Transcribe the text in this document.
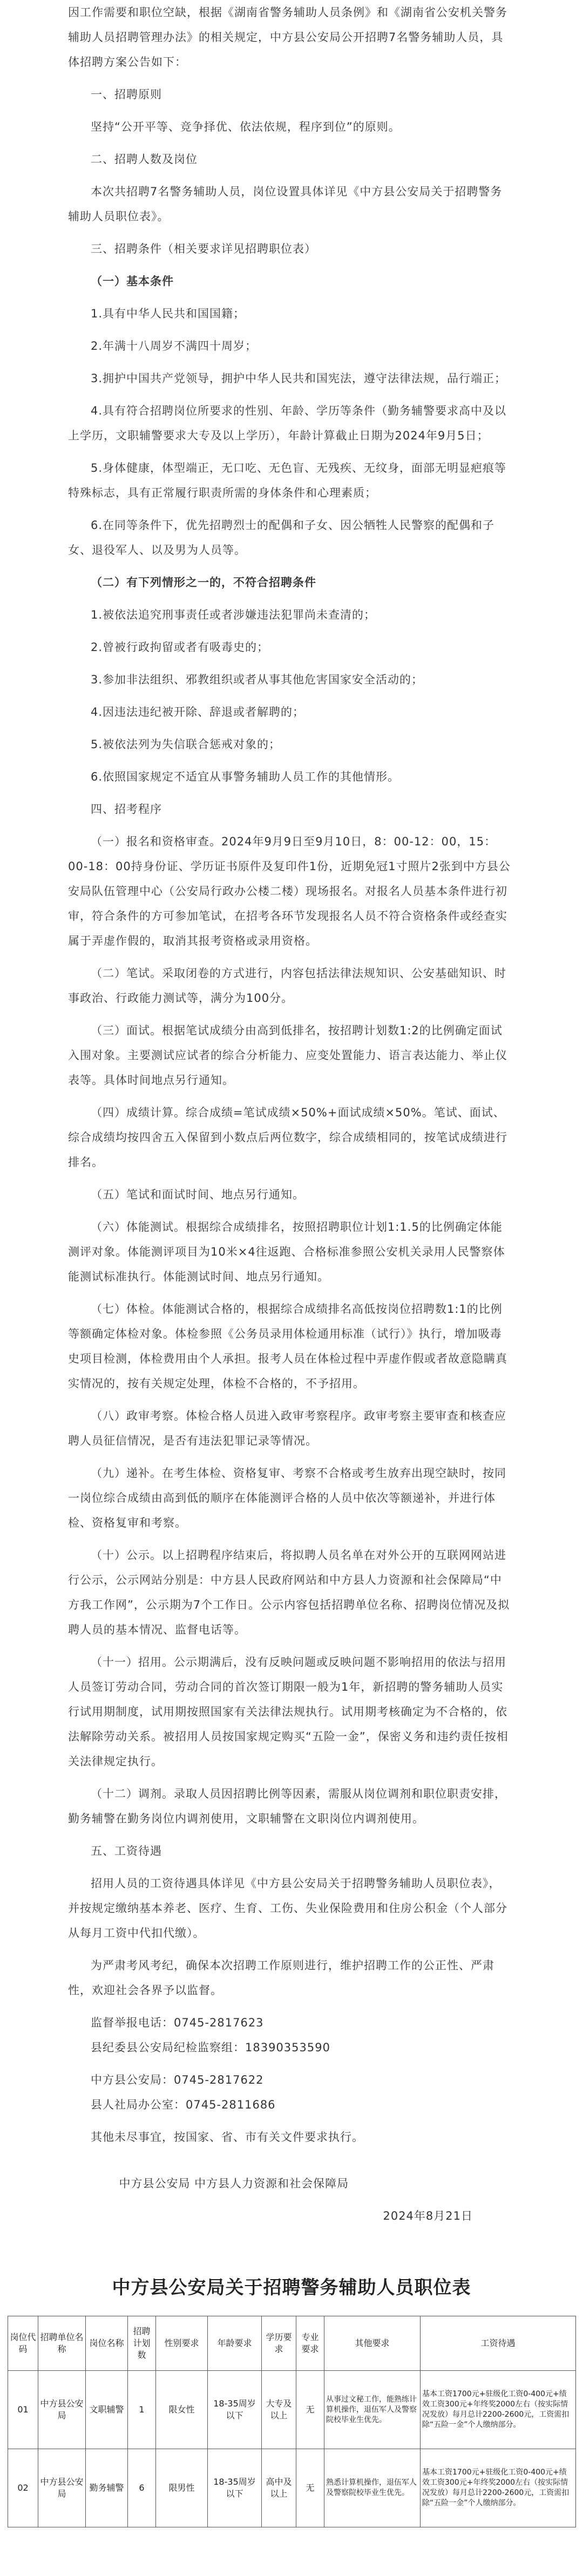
因工作需要和职位空缺，根据《湖南省警务辅助人员条例》和《湖南省公安机关警务辅助人员招聘管理办法》的相关规定，中方县公安局公开招聘7名警务辅助人员，具体招聘方案公告如下：

一、招聘原则

坚持“公开平等、竞争择优、依法依规，程序到位”的原则。

二、招聘人数及岗位

本次共招聘7名警务辅助人员，岗位设置具体详见《中方县公安局关于招聘警务辅助人员职位表》。

三、招聘条件（相关要求详见招聘职位表）

（一）基本条件

1.具有中华人民共和国国籍；

2.年满十八周岁不满四十周岁；

3.拥护中国共产党领导，拥护中华人民共和国宪法，遵守法律法规，品行端正；

4.具有符合招聘岗位所要求的性别、年龄、学历等条件（勤务辅警要求高中及以上学历，文职辅警要求大专及以上学历），年龄计算截止日期为2024年9月5日；

5.身体健康，体型端正，无口吃、无色盲、无残疾、无纹身，面部无明显疤痕等特殊标志，具有正常履行职责所需的身体条件和心理素质；

6.在同等条件下，优先招聘烈士的配偶和子女、因公牺牲人民警察的配偶和子女、退役军人、以及男为人员等。

（二）有下列情形之一的，不符合招聘条件

1.被依法追究刑事责任或者涉嫌违法犯罪尚未查清的；

2.曾被行政拘留或者有吸毒史的；

3.参加非法组织、邪教组织或者从事其他危害国家安全活动的；

4.因违法违纪被开除、辞退或者解聘的；

5.被依法列为失信联合惩戒对象的；

6.依照国家规定不适宜从事警务辅助人员工作的其他情形。

四、招考程序

（一）报名和资格审查。2024年9月9日至9月10日，8：00-12：00，15：00-18：00持身份证、学历证书原件及复印件1份，近期免冠1寸照片2张到中方县公安局队伍管理中心（公安局行政办公楼二楼）现场报名。对报名人员基本条件进行初审，符合条件的方可参加笔试，在招考各环节发现报名人员不符合资格条件或经查实属于弄虚作假的，取消其报考资格或录用资格。

（二）笔试。采取闭卷的方式进行，内容包括法律法规知识、公安基础知识、时事政治、行政能力测试等，满分为100分。

（三）面试。根据笔试成绩分由高到低排名，按招聘计划数1:2的比例确定面试入围对象。主要测试应试者的综合分析能力、应变处置能力、语言表达能力、举止仪表等。具体时间地点另行通知。

（四）成绩计算。综合成绩=笔试成绩×50%+面试成绩×50%。笔试、面试、综合成绩均按四舍五入保留到小数点后两位数字，综合成绩相同的，按笔试成绩进行排名。

（五）笔试和面试时间、地点另行通知。

（六）体能测试。根据综合成绩排名，按照招聘职位计划1:1.5的比例确定体能测评对象。体能测评项目为10米×4往返跑、合格标准参照公安机关录用人民警察体能测试标准执行。体能测试时间、地点另行通知。

（七）体检。体能测试合格的，根据综合成绩排名高低按岗位招聘数1:1的比例等额确定体检对象。体检参照《公务员录用体检通用标准（试行）》执行，增加吸毒史项目检测，体检费用由个人承担。报考人员在体检过程中弄虚作假或者故意隐瞒真实情况的，按有关规定处理，体检不合格的，不予招用。

（八）政审考察。体检合格人员进入政审考察程序。政审考察主要审查和核查应聘人员征信情况，是否有违法犯罪记录等情况。

（九）递补。在考生体检、资格复审、考察不合格或考生放弃出现空缺时，按同一岗位综合成绩由高到低的顺序在体能测评合格的人员中依次等额递补，并进行体检、资格复审和考察。

（十）公示。以上招聘程序结束后，将拟聘人员名单在对外公开的互联网网站进行公示，公示网站分别是：中方县人民政府网站和中方县人力资源和社会保障局“中方我工作网”，公示期为7个工作日。公示内容包括招聘单位名称、招聘岗位情况及拟聘人员的基本情况、监督电话等。

（十一）招用。公示期满后，没有反映问题或反映问题不影响招用的依法与招用人员签订劳动合同，劳动合同的首次签订期限一般为1年，新招聘的警务辅助人员实行试用期制度，试用期按照国家有关法律法规执行。试用期考核确定为不合格的，依法解除劳动关系。被招用人员按国家规定购买“五险一金”，保密义务和违约责任按相关法律规定执行。

（十二）调剂。录取人员因招聘比例等因素，需服从岗位调剂和职位职责安排，勤务辅警在勤务岗位内调剂使用，文职辅警在文职岗位内调剂使用。

五、工资待遇

招用人员的工资待遇具体详见《中方县公安局关于招聘警务辅助人员职位表》，并按规定缴纳基本养老、医疗、生育、工伤、失业保险费用和住房公积金（个人部分从每月工资中代扣代缴）。

为严肃考风考纪，确保本次招聘工作原则进行，维护招聘工作的公正性、严肃性，欢迎社会各界予以监督。

监督举报电话：0745-2817623

县纪委县公安局纪检监察组：18390353590

中方县公安局：0745-2817622

县人社局办公室：0745-2811686

其他未尽事宜，按国家、省、市有关文件要求执行。

中方县公安局 中方县人力资源和社会保障局

2024年8月21日

中方县公安局关于招聘警务辅助人员职位表
岗位代码	招聘单位名称	岗位名称	招聘计划数	性别要求	年龄要求	学历要求	专业要求	其他要求	工资待遇
01	中方县公安局	文职辅警	1	限女性	18-35周岁以下	大专及以上	无	从事过文秘工作，能熟练计算机操作，退伍军人及警察院校毕业生优先。	基本工资1700元+驻级化工资0-400元+绩效工资300元+年终奖2000左右（按实际情况发放）每月总计2200-2600元，工资需扣除“五险一金”个人缴纳部分。
02	中方县公安局	勤务辅警	6	限男性	18-35周岁以下	高中及以上	无	熟悉计算机操作，退伍军人及警察院校毕业生优先。	基本工资1700元+驻级化工资0-400元+绩效工资300元+年终奖2000左右（按实际情况发放）每月总计2200-2600元，工资需扣除“五险一金”个人缴纳部分。
